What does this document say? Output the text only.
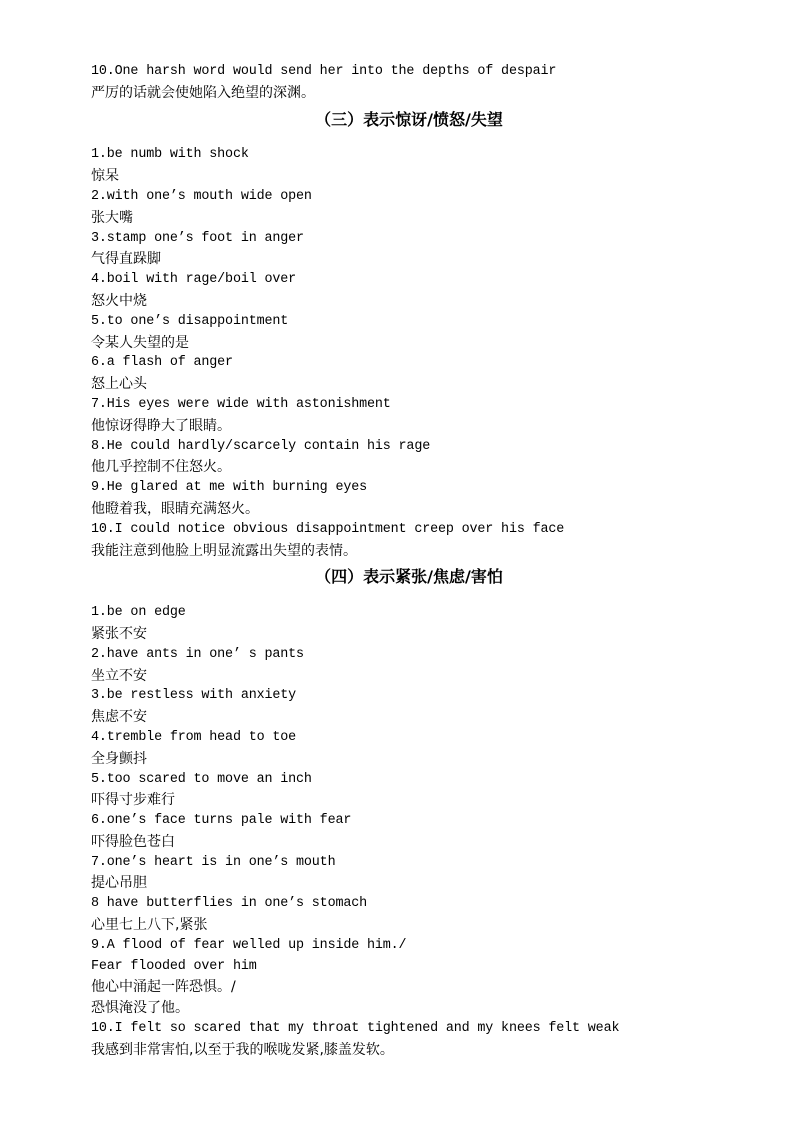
10.One harsh word would send her into the depths of despair
严厉的话就会使她陷入绝望的深渊。
（三）表示惊讶/愤怒/失望
1.be numb with shock
惊呆
2.with one’s mouth wide open
张大嘴
3.stamp one’s foot in anger
气得直跺脚
4.boil with rage/boil over
怒火中烧
5.to one’s disappointment
令某人失望的是
6.a flash of anger
怒上心头
7.His eyes were wide with astonishment
他惊讶得睁大了眼睛。
8.He could hardly/scarcely contain his rage
他几乎控制不住怒火。
9.He glared at me with burning eyes
他瞪着我，眼睛充满怒火。
10.I could notice obvious disappointment creep over his face
我能注意到他脸上明显流露出失望的表情。
（四）表示紧张/焦虑/害怕
1.be on edge
紧张不安
2.have ants in one’ s pants
坐立不安
3.be restless with anxiety
焦虑不安
4.tremble from head to toe
全身颤抖
5.too scared to move an inch
吓得寸步难行
6.one’s face turns pale with fear
吓得脸色苍白
7.one’s heart is in one’s mouth
提心吊胆
8 have butterflies in one’s stomach
心里七上八下,紧张
9.A flood of fear welled up inside him./
Fear flooded over him
他心中涌起一阵恐惧。/
恐惧淹没了他。
10.I felt so scared that my throat tightened and my knees felt weak
我感到非常害怕,以至于我的喉咙发紧,膝盖发软。
